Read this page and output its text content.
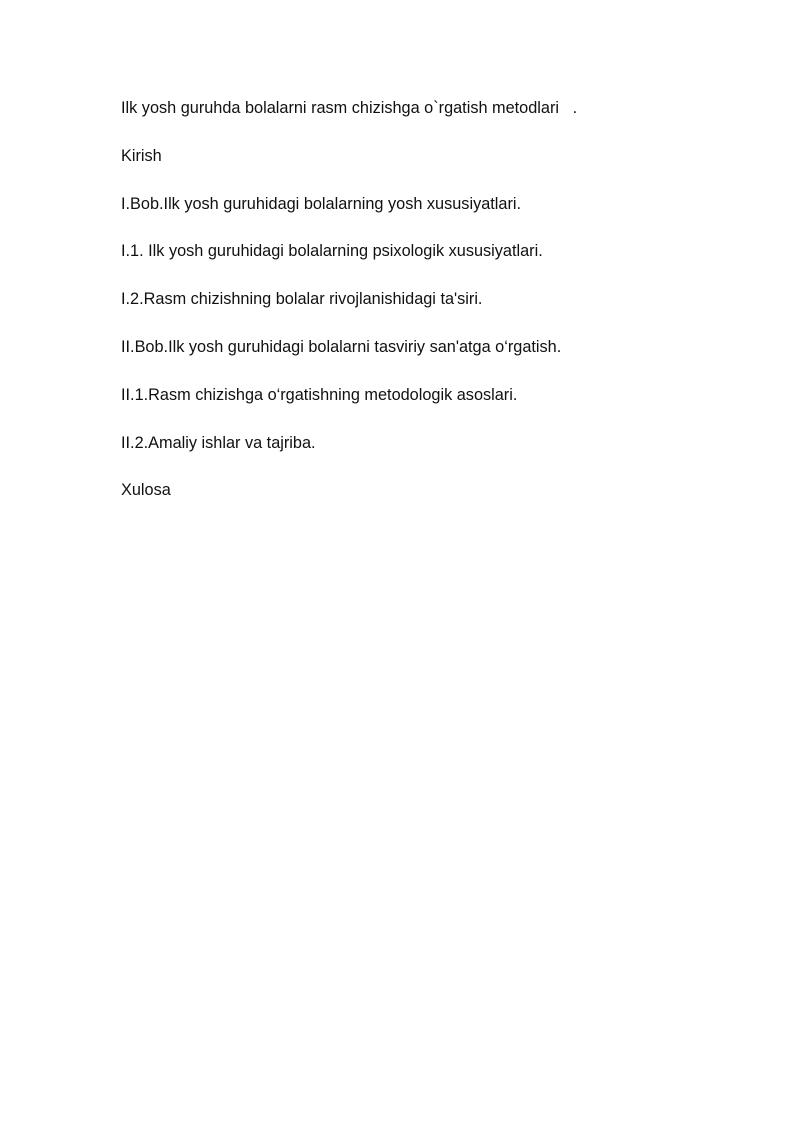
Ilk yosh guruhda bolalarni rasm chizishga o`rgatish metodlari   .
Kirish
I.Bob.Ilk yosh guruhidagi bolalarning yosh xususiyatlari.
I.1. Ilk yosh guruhidagi bolalarning psixologik xususiyatlari.
I.2.Rasm chizishning bolalar rivojlanishidagi ta'siri.
II.Bob.Ilk yosh guruhidagi bolalarni tasviriy san'atga o‘rgatish.
II.1.Rasm chizishga o‘rgatishning metodologik asoslari.
II.2.Amaliy ishlar va tajriba.
Xulosa
